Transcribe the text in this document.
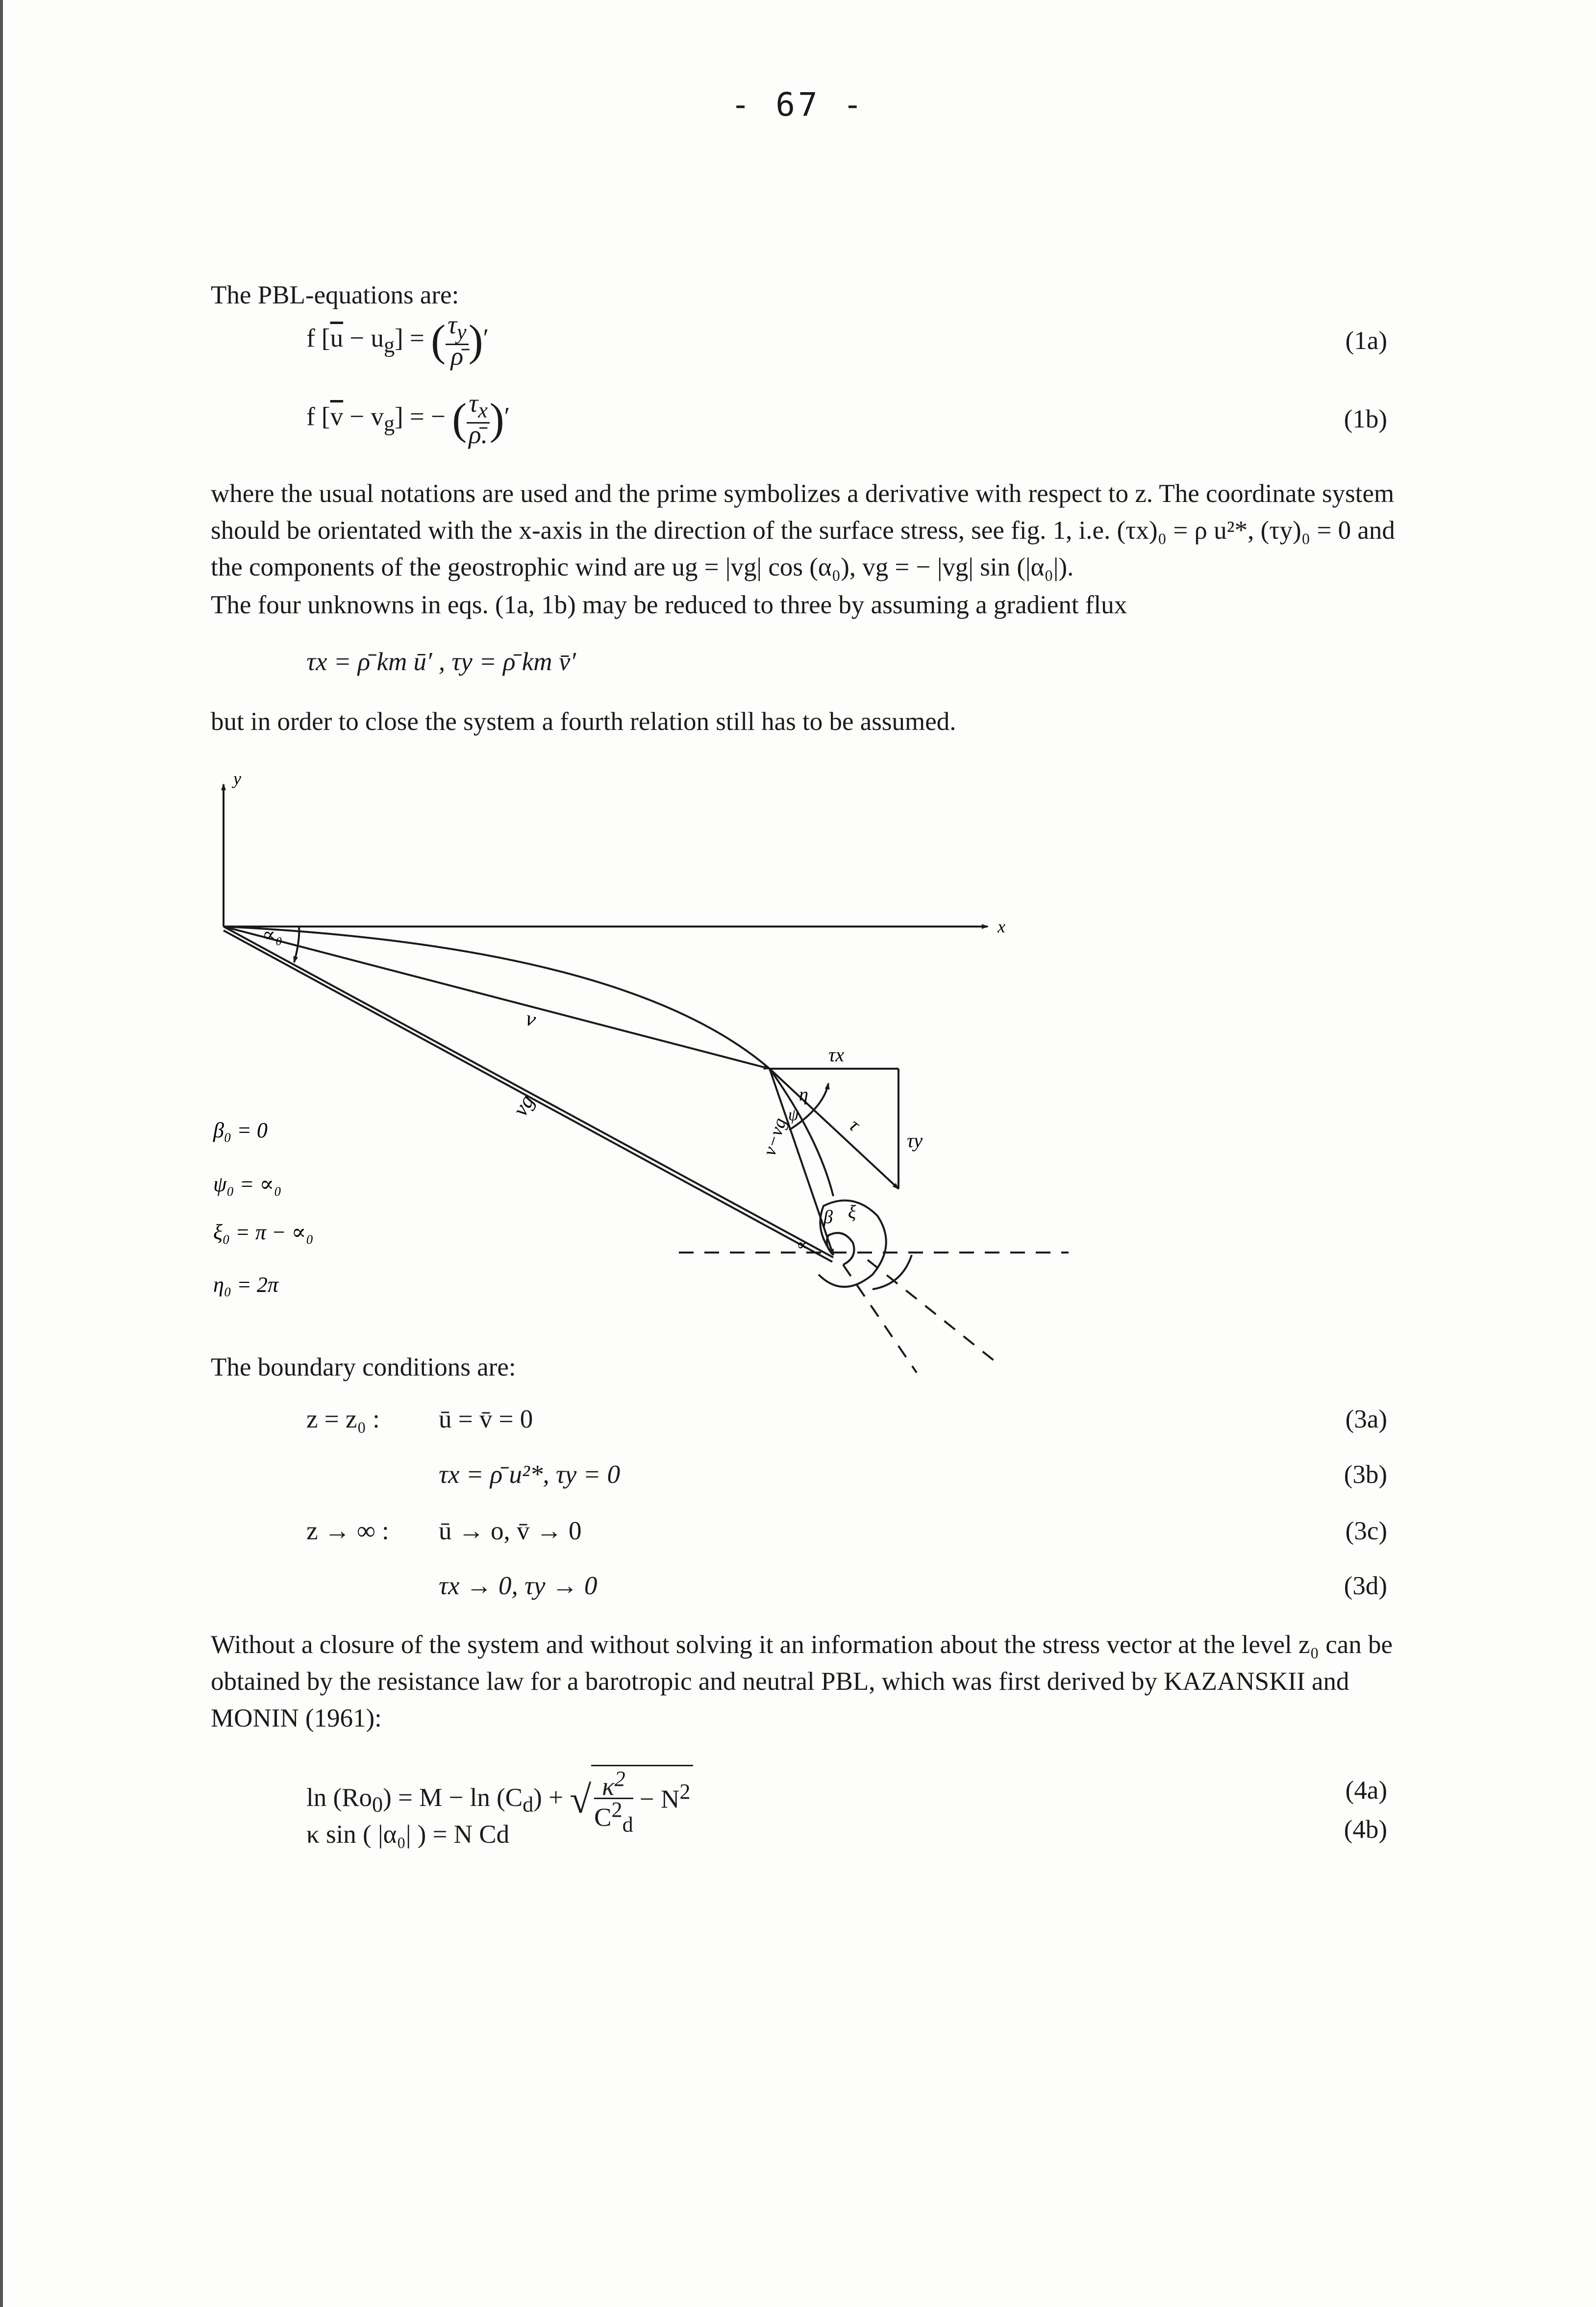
- 67 -
The PBL-equations are:
f $[\overline{u} - u_g]$ = ( $\frac{\tau_y}{\rhō}$ )′	(1a)
f $[\overline{v} - v_g]$ = − ( $\frac{\tau_x}{\rhō.}$ )′	(1b)
where the usual notations are used and the prime symbolizes a derivative with respect to z. The coordinate system should be orientated with the x-axis in the direction of the surface stress, see fig. 1, i.e. (τx)₀ = ρ u²*, (τy)₀ = 0 and the components of the geostrophic wind are ug = |vg| cos (α₀), vg = − |vg| sin (|α₀|).
The four unknowns in eqs. (1a, 1b) may be reduced to three by assuming a gradient flux
τx = ρ̄ km ū′ , τy = ρ̄ km v̄′
but in order to close the system a fourth relation still has to be assumed.
y
x
∝₀
v
vg
v−vg
τx
τy
τ
η
ψ
β ξ
∝
β₀ = 0
ψ₀ = ∝₀
ξ₀ = π − ∝₀
η₀ = 2π
The boundary conditions are:
z = z₀ : ū = v̄ = 0	(3a)
τx = ρ̄ u²*, τy = 0	(3b)
z → ∞ : ū → o, v̄ → 0	(3c)
τx → 0, τy → 0	(3d)
Without a closure of the system and without solving it an information about the stress vector at the level z₀ can be obtained by the resistance law for a barotropic and neutral PBL, which was first derived by KAZANSKII and MONIN (1961):
$\ln (Ro_0) = M - \ln (C_d)$ + √ $\frac{\kappa^2}{C^2_d} - N^2$	(4a)
κ sin ( |α₀| ) = N Cd	(4b)
